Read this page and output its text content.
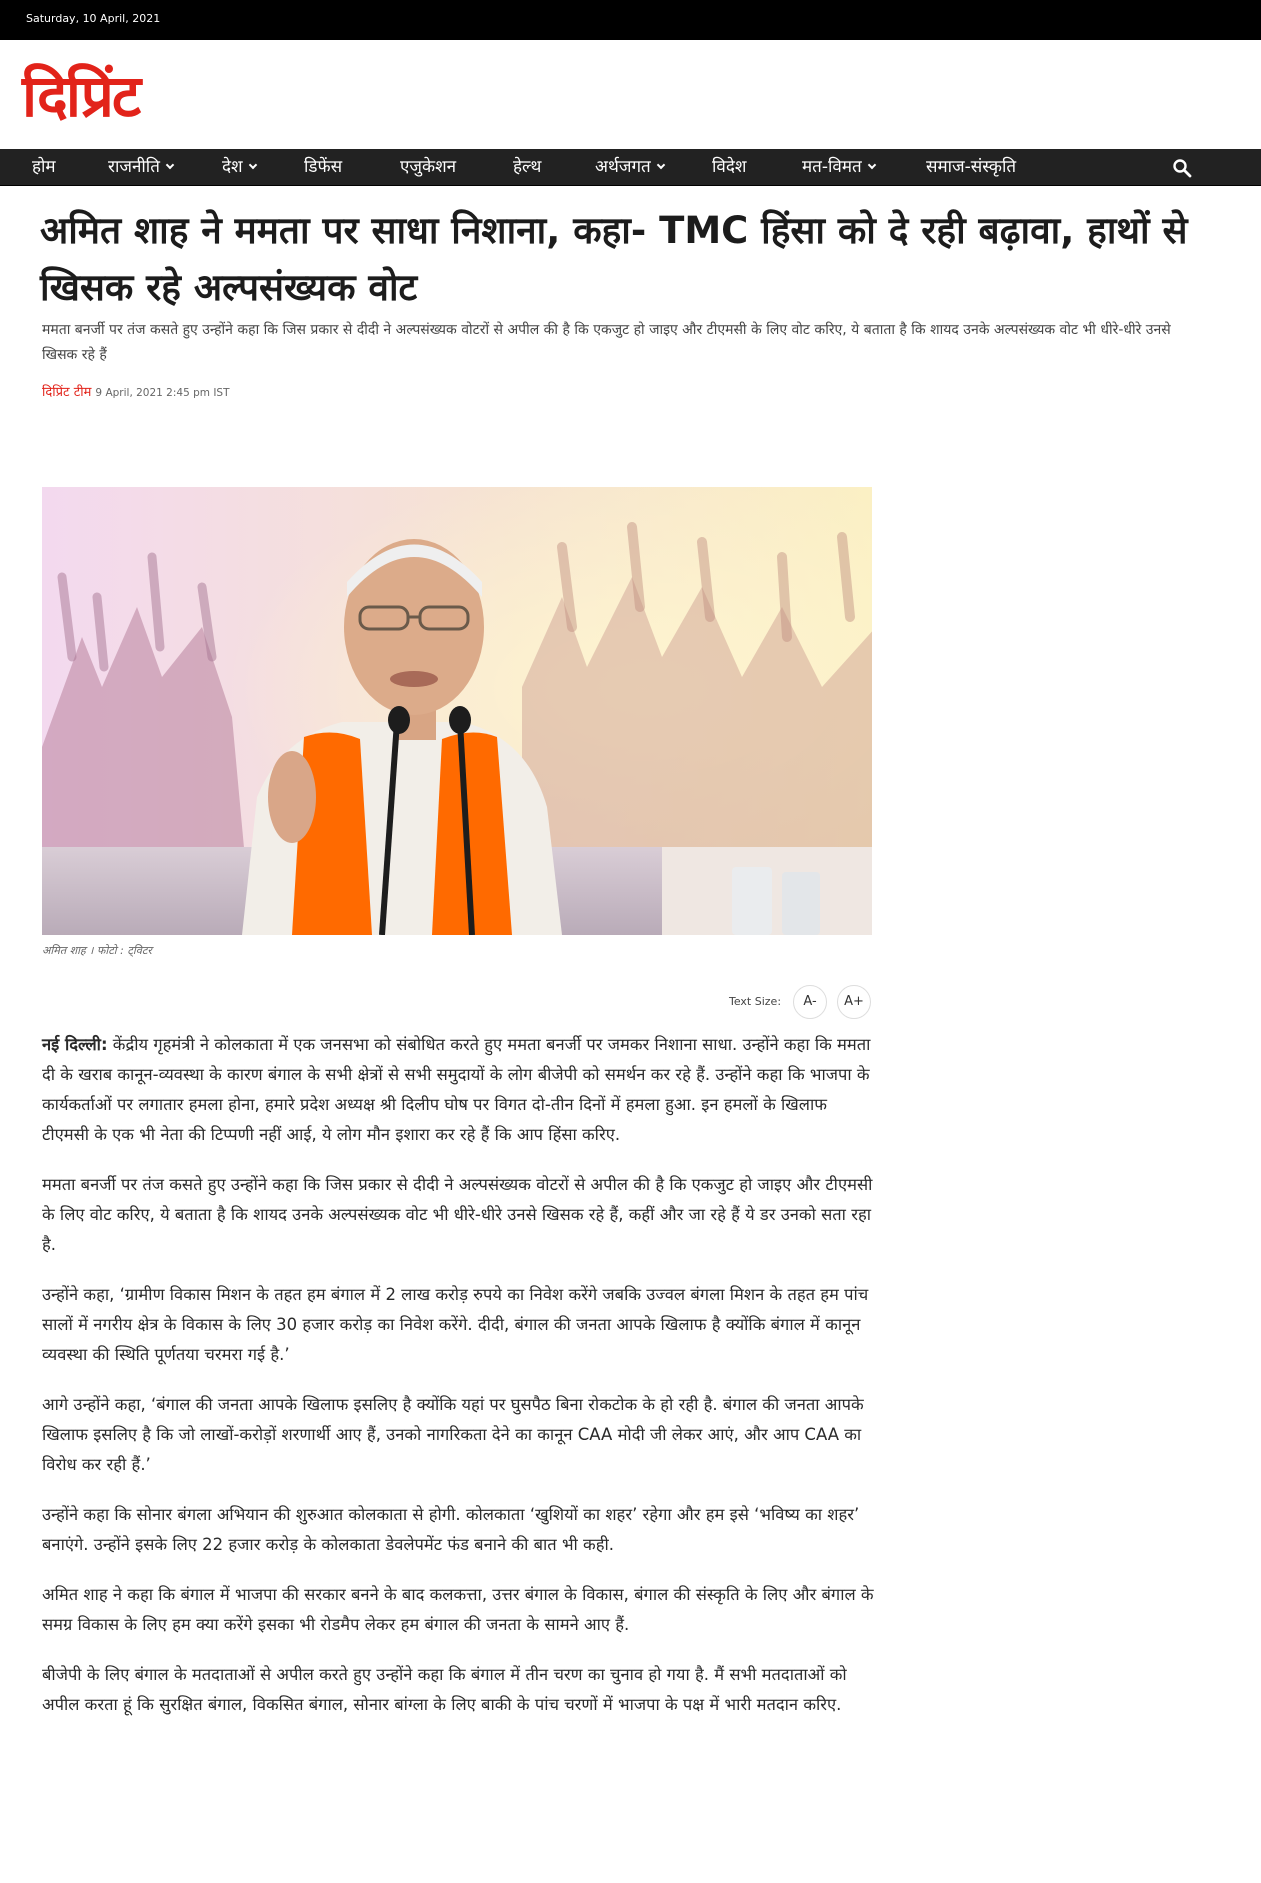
Saturday, 10 April, 2021
दिप्रिंट
होम	राजनीति	देश	डिफेंस	एजुकेशन	हेल्थ	अर्थजगत	विदेश	मत-विमत	समाज-संस्कृति
अमित शाह ने ममता पर साधा निशाना, कहा- TMC हिंसा को दे रही बढ़ावा, हाथों से खिसक रहे अल्पसंख्यक वोट

ममता बनर्जी पर तंज कसते हुए उन्होंने कहा कि जिस प्रकार से दीदी ने अल्पसंख्यक वोटरों से अपील की है कि एकजुट हो जाइए और टीएमसी के लिए वोट करिए, ये बताता है कि शायद उनके अल्पसंख्यक वोट भी धीरे-धीरे उनसे खिसक रहे हैं

दिप्रिंट टीम 9 April, 2021 2:45 pm IST
अमित शाह । फोटो : ट्विटर
Text Size:	A-	A+

नई दिल्ली: केंद्रीय गृहमंत्री ने कोलकाता में एक जनसभा को संबोधित करते हुए ममता बनर्जी पर जमकर निशाना साधा. उन्होंने कहा कि ममता दी के खराब कानून-व्यवस्था के कारण बंगाल के सभी क्षेत्रों से सभी समुदायों के लोग बीजेपी को समर्थन कर रहे हैं. उन्होंने कहा कि भाजपा के कार्यकर्ताओं पर लगातार हमला होना, हमारे प्रदेश अध्यक्ष श्री दिलीप घोष पर विगत दो-तीन दिनों में हमला हुआ. इन हमलों के खिलाफ टीएमसी के एक भी नेता की टिप्पणी नहीं आई, ये लोग मौन इशारा कर रहे हैं कि आप हिंसा करिए.

ममता बनर्जी पर तंज कसते हुए उन्होंने कहा कि जिस प्रकार से दीदी ने अल्पसंख्यक वोटरों से अपील की है कि एकजुट हो जाइए और टीएमसी के लिए वोट करिए, ये बताता है कि शायद उनके अल्पसंख्यक वोट भी धीरे-धीरे उनसे खिसक रहे हैं, कहीं और जा रहे हैं ये डर उनको सता रहा है.

उन्होंने कहा, ‘ग्रामीण विकास मिशन के तहत हम बंगाल में 2 लाख करोड़ रुपये का निवेश करेंगे जबकि उज्वल बंगला मिशन के तहत हम पांच सालों में नगरीय क्षेत्र के विकास के लिए 30 हजार करोड़ का निवेश करेंगे. दीदी, बंगाल की जनता आपके खिलाफ है क्योंकि बंगाल में कानून व्यवस्था की स्थिति पूर्णतया चरमरा गई है.’

आगे उन्होंने कहा, ‘बंगाल की जनता आपके खिलाफ इसलिए है क्योंकि यहां पर घुसपैठ बिना रोकटोक के हो रही है. बंगाल की जनता आपके खिलाफ इसलिए है कि जो लाखों-करोड़ों शरणार्थी आए हैं, उनको नागरिकता देने का कानून CAA मोदी जी लेकर आएं, और आप CAA का विरोध कर रही हैं.’

उन्होंने कहा कि सोनार बंगला अभियान की शुरुआत कोलकाता से होगी. कोलकाता ‘खुशियों का शहर’ रहेगा और हम इसे ‘भविष्य का शहर’ बनाएंगे. उन्होंने इसके लिए 22 हजार करोड़ के कोलकाता डेवलेपमेंट फंड बनाने की बात भी कही.

अमित शाह ने कहा कि बंगाल में भाजपा की सरकार बनने के बाद कलकत्ता, उत्तर बंगाल के विकास, बंगाल की संस्कृति के लिए और बंगाल के समग्र विकास के लिए हम क्या करेंगे इसका भी रोडमैप लेकर हम बंगाल की जनता के सामने आए हैं.

बीजेपी के लिए बंगाल के मतदाताओं से अपील करते हुए उन्होंने कहा कि बंगाल में तीन चरण का चुनाव हो गया है. मैं सभी मतदाताओं को अपील करता हूं कि सुरक्षित बंगाल, विकसित बंगाल, सोनार बांग्ला के लिए बाकी के पांच चरणों में भाजपा के पक्ष में भारी मतदान करिए.
